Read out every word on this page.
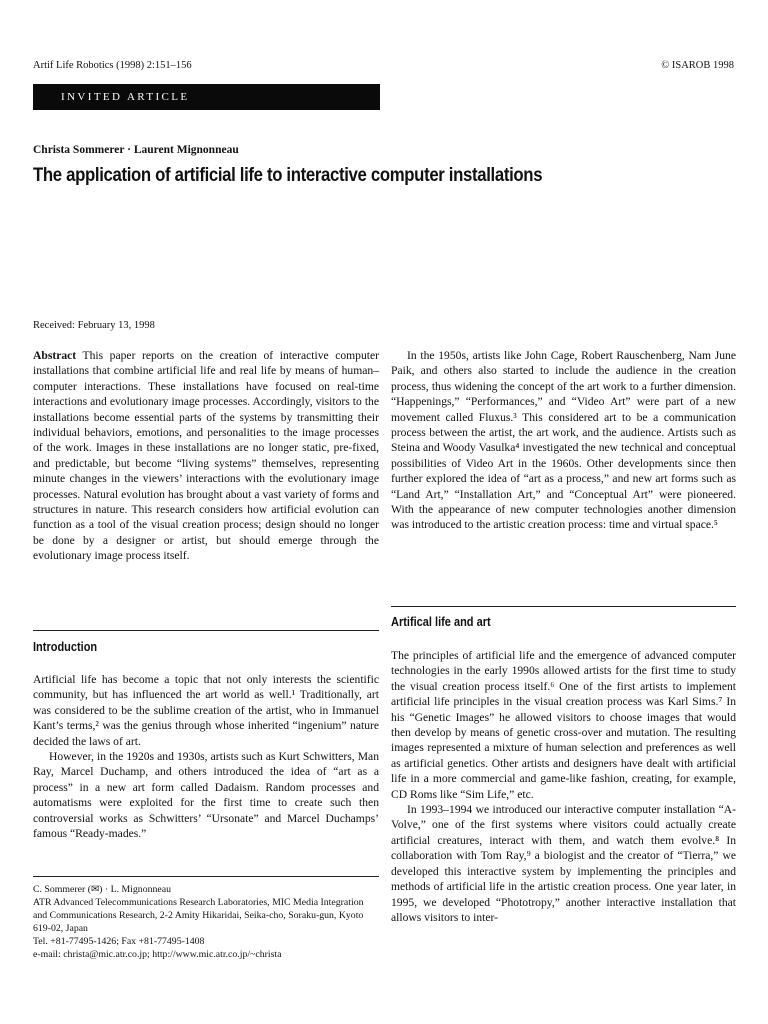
Artif Life Robotics (1998) 2:151–156	© ISAROB 1998
INVITED ARTICLE
Christa Sommerer · Laurent Mignonneau
The application of artificial life to interactive computer installations
Received: February 13, 1998

Abstract This paper reports on the creation of interactive computer installations that combine artificial life and real life by means of human–computer interactions. These installations have focused on real-time interactions and evolutionary image processes. Accordingly, visitors to the installations become essential parts of the systems by transmitting their individual behaviors, emotions, and personalities to the image processes of the work. Images in these installations are no longer static, pre-fixed, and predictable, but become “living systems” themselves, representing minute changes in the viewers’ interactions with the evolutionary image processes. Natural evolution has brought about a vast variety of forms and structures in nature. This research considers how artificial evolution can function as a tool of the visual creation process; design should no longer be done by a designer or artist, but should emerge through the evolutionary image process itself.

Introduction

Artificial life has become a topic that not only interests the scientific community, but has influenced the art world as well.¹ Traditionally, art was considered to be the sublime creation of the artist, who in Immanuel Kant’s terms,² was the genius through whose inherited “ingenium” nature decided the laws of art.

However, in the 1920s and 1930s, artists such as Kurt Schwitters, Man Ray, Marcel Duchamp, and others introduced the idea of “art as a process” in a new art form called Dadaism. Random processes and automatisms were exploited for the first time to create such then controversial works as Schwitters’ “Ursonate” and Marcel Duchamps’ famous “Ready-mades.”

C. Sommerer (✉) · L. Mignonneau

ATR Advanced Telecommunications Research Laboratories, MIC Media Integration and Communications Research, 2-2 Amity Hikaridai, Seika-cho, Soraku-gun, Kyoto 619-02, Japan

Tel. +81-77495-1426; Fax +81-77495-1408

e-mail: christa@mic.atr.co.jp; http://www.mic.atr.co.jp/~christa

In the 1950s, artists like John Cage, Robert Rauschenberg, Nam June Paik, and others also started to include the audience in the creation process, thus widening the concept of the art work to a further dimension. “Happenings,” “Performances,” and “Video Art” were part of a new movement called Fluxus.³ This considered art to be a communication process between the artist, the art work, and the audience. Artists such as Steina and Woody Vasulka⁴ investigated the new technical and conceptual possibilities of Video Art in the 1960s. Other developments since then further explored the idea of “art as a process,” and new art forms such as “Land Art,” “Installation Art,” and “Conceptual Art” were pioneered. With the appearance of new computer technologies another dimension was introduced to the artistic creation process: time and virtual space.⁵

Artifical life and art

The principles of artificial life and the emergence of advanced computer technologies in the early 1990s allowed artists for the first time to study the visual creation process itself.⁶ One of the first artists to implement artificial life principles in the visual creation process was Karl Sims.⁷ In his “Genetic Images” he allowed visitors to choose images that would then develop by means of genetic cross-over and mutation. The resulting images represented a mixture of human selection and preferences as well as artificial genetics. Other artists and designers have dealt with artificial life in a more commercial and game-like fashion, creating, for example, CD Roms like “Sim Life,” etc.

In 1993–1994 we introduced our interactive computer installation “A-Volve,” one of the first systems where visitors could actually create artificial creatures, interact with them, and watch them evolve.⁸ In collaboration with Tom Ray,⁹ a biologist and the creator of “Tierra,” we developed this interactive system by implementing the principles and methods of artificial life in the artistic creation process. One year later, in 1995, we developed “Phototropy,” another interactive installation that allows visitors to inter-
